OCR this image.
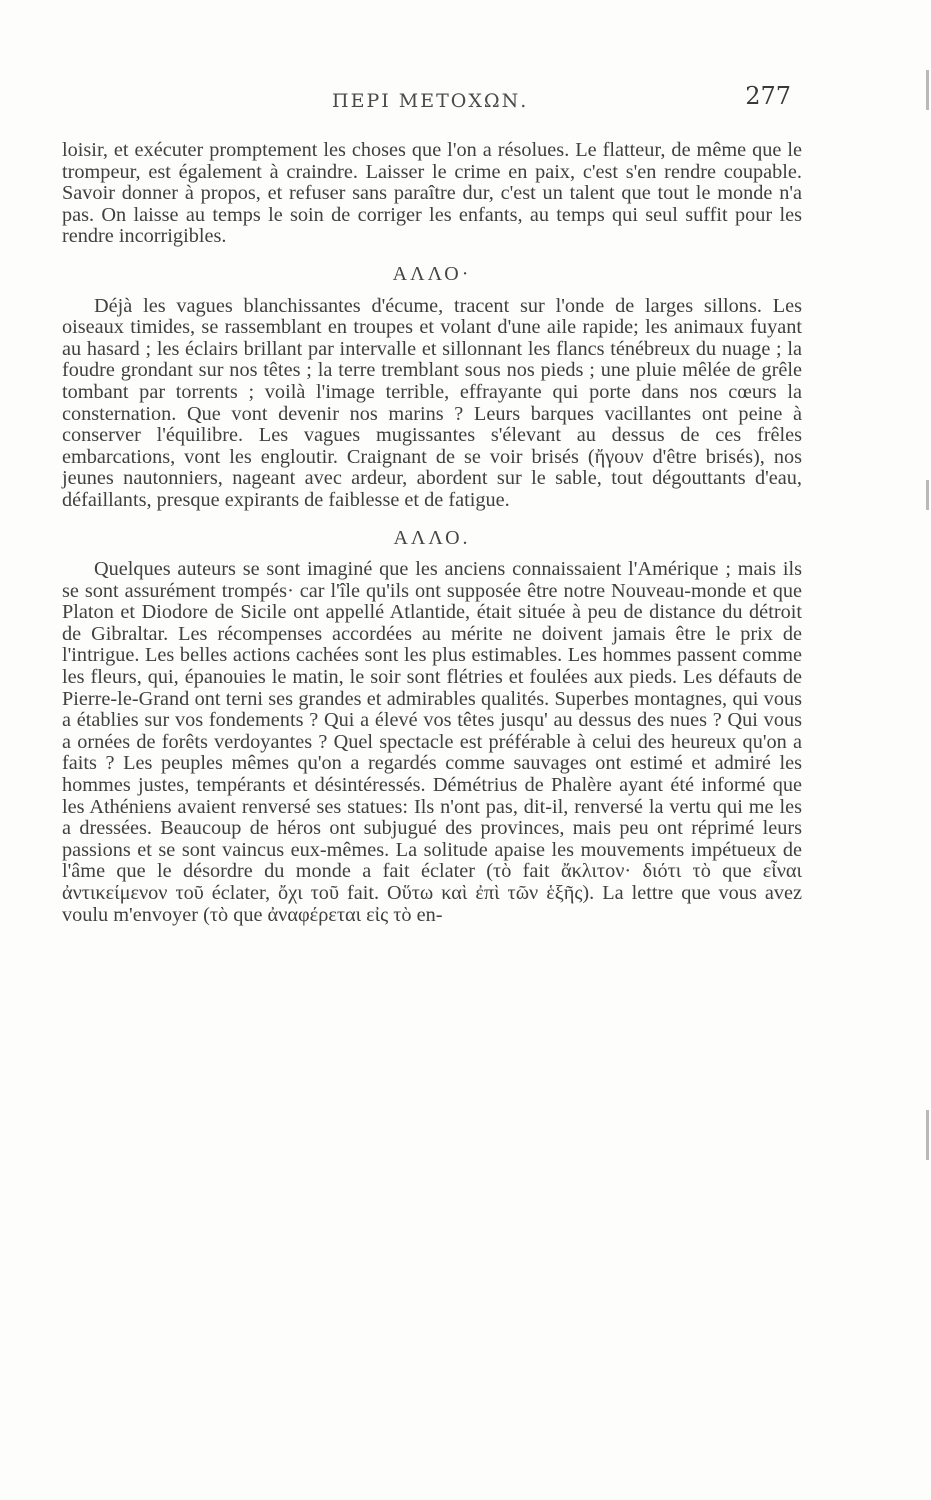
ΠΕΡΙ ΜΕΤΟΧΩΝ.	277

loisir, et exécuter promptement les choses que l'on a résolues. Le flatteur, de même que le trompeur, est également à craindre. Laisser le crime en paix, c'est s'en rendre coupable. Savoir donner à propos, et refuser sans paraître dur, c'est un talent que tout le monde n'a pas. On laisse au temps le soin de corriger les enfants, au temps qui seul suffit pour les rendre incorrigibles.

ΑΛΛΟ·

Déjà les vagues blanchissantes d'écume, tracent sur l'onde de larges sillons. Les oiseaux timides, se rassemblant en troupes et volant d'une aile rapide; les animaux fuyant au hasard ; les éclairs brillant par intervalle et sillonnant les flancs ténébreux du nuage ; la foudre grondant sur nos têtes ; la terre tremblant sous nos pieds ; une pluie mêlée de grêle tombant par torrents ; voilà l'image terrible, effrayante qui porte dans nos cœurs la consternation. Que vont devenir nos marins ? Leurs barques vacillantes ont peine à conserver l'équilibre. Les vagues mugissantes s'élevant au dessus de ces frêles embarcations, vont les engloutir. Craignant de se voir brisés (ἤγουν d'être brisés), nos jeunes nautonniers, nageant avec ardeur, abordent sur le sable, tout dégouttants d'eau, défaillants, presque expirants de faiblesse et de fatigue.

ΑΛΛΟ.

Quelques auteurs se sont imaginé que les anciens connaissaient l'Amérique ; mais ils se sont assurément trompés· car l'île qu'ils ont supposée être notre Nouveau-monde et que Platon et Diodore de Sicile ont appellé Atlantide, était située à peu de distance du détroit de Gibraltar. Les récompenses accordées au mérite ne doivent jamais être le prix de l'intrigue. Les belles actions cachées sont les plus estimables. Les hommes passent comme les fleurs, qui, épanouies le matin, le soir sont flétries et foulées aux pieds. Les défauts de Pierre-le-Grand ont terni ses grandes et admirables qualités. Superbes montagnes, qui vous a établies sur vos fondements ? Qui a élevé vos têtes jusqu' au dessus des nues ? Qui vous a ornées de forêts verdoyantes ? Quel spectacle est préférable à celui des heureux qu'on a faits ? Les peuples mêmes qu'on a regardés comme sauvages ont estimé et admiré les hommes justes, tempérants et désintéressés. Démétrius de Phalère ayant été informé que les Athéniens avaient renversé ses statues: Ils n'ont pas, dit-il, renversé la vertu qui me les a dressées. Beaucoup de héros ont subjugué des provinces, mais peu ont réprimé leurs passions et se sont vaincus eux-mêmes. La solitude apaise les mouvements impétueux de l'âme que le désordre du monde a fait éclater (τὸ fait ἄκλιτον· διότι τὸ que εἶναι ἀντικείμενον τοῦ éclater, ὄχι τοῦ fait. Οὕτω καὶ ἐπὶ τῶν ἑξῆς). La lettre que vous avez voulu m'envoyer (τὸ que ἀναφέρεται εἰς τὸ en-
